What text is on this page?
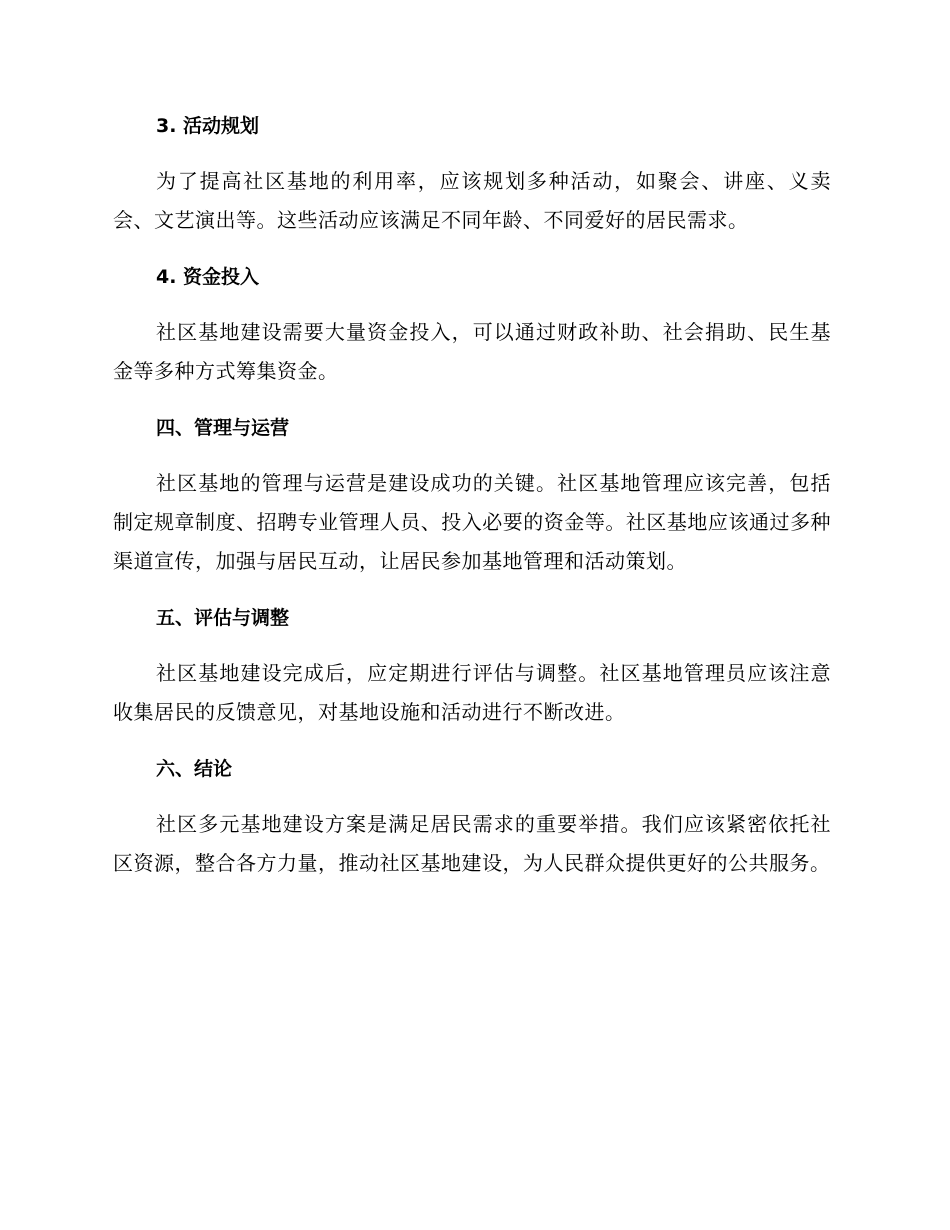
3. 活动规划

为了提高社区基地的利用率，应该规划多种活动，如聚会、讲座、义卖会、文艺演出等。这些活动应该满足不同年龄、不同爱好的居民需求。

4. 资金投入

社区基地建设需要大量资金投入，可以通过财政补助、社会捐助、民生基金等多种方式筹集资金。

四、管理与运营

社区基地的管理与运营是建设成功的关键。社区基地管理应该完善，包括制定规章制度、招聘专业管理人员、投入必要的资金等。社区基地应该通过多种渠道宣传，加强与居民互动，让居民参加基地管理和活动策划。

五、评估与调整

社区基地建设完成后，应定期进行评估与调整。社区基地管理员应该注意收集居民的反馈意见，对基地设施和活动进行不断改进。

六、结论

社区多元基地建设方案是满足居民需求的重要举措。我们应该紧密依托社区资源，整合各方力量，推动社区基地建设，为人民群众提供更好的公共服务。
